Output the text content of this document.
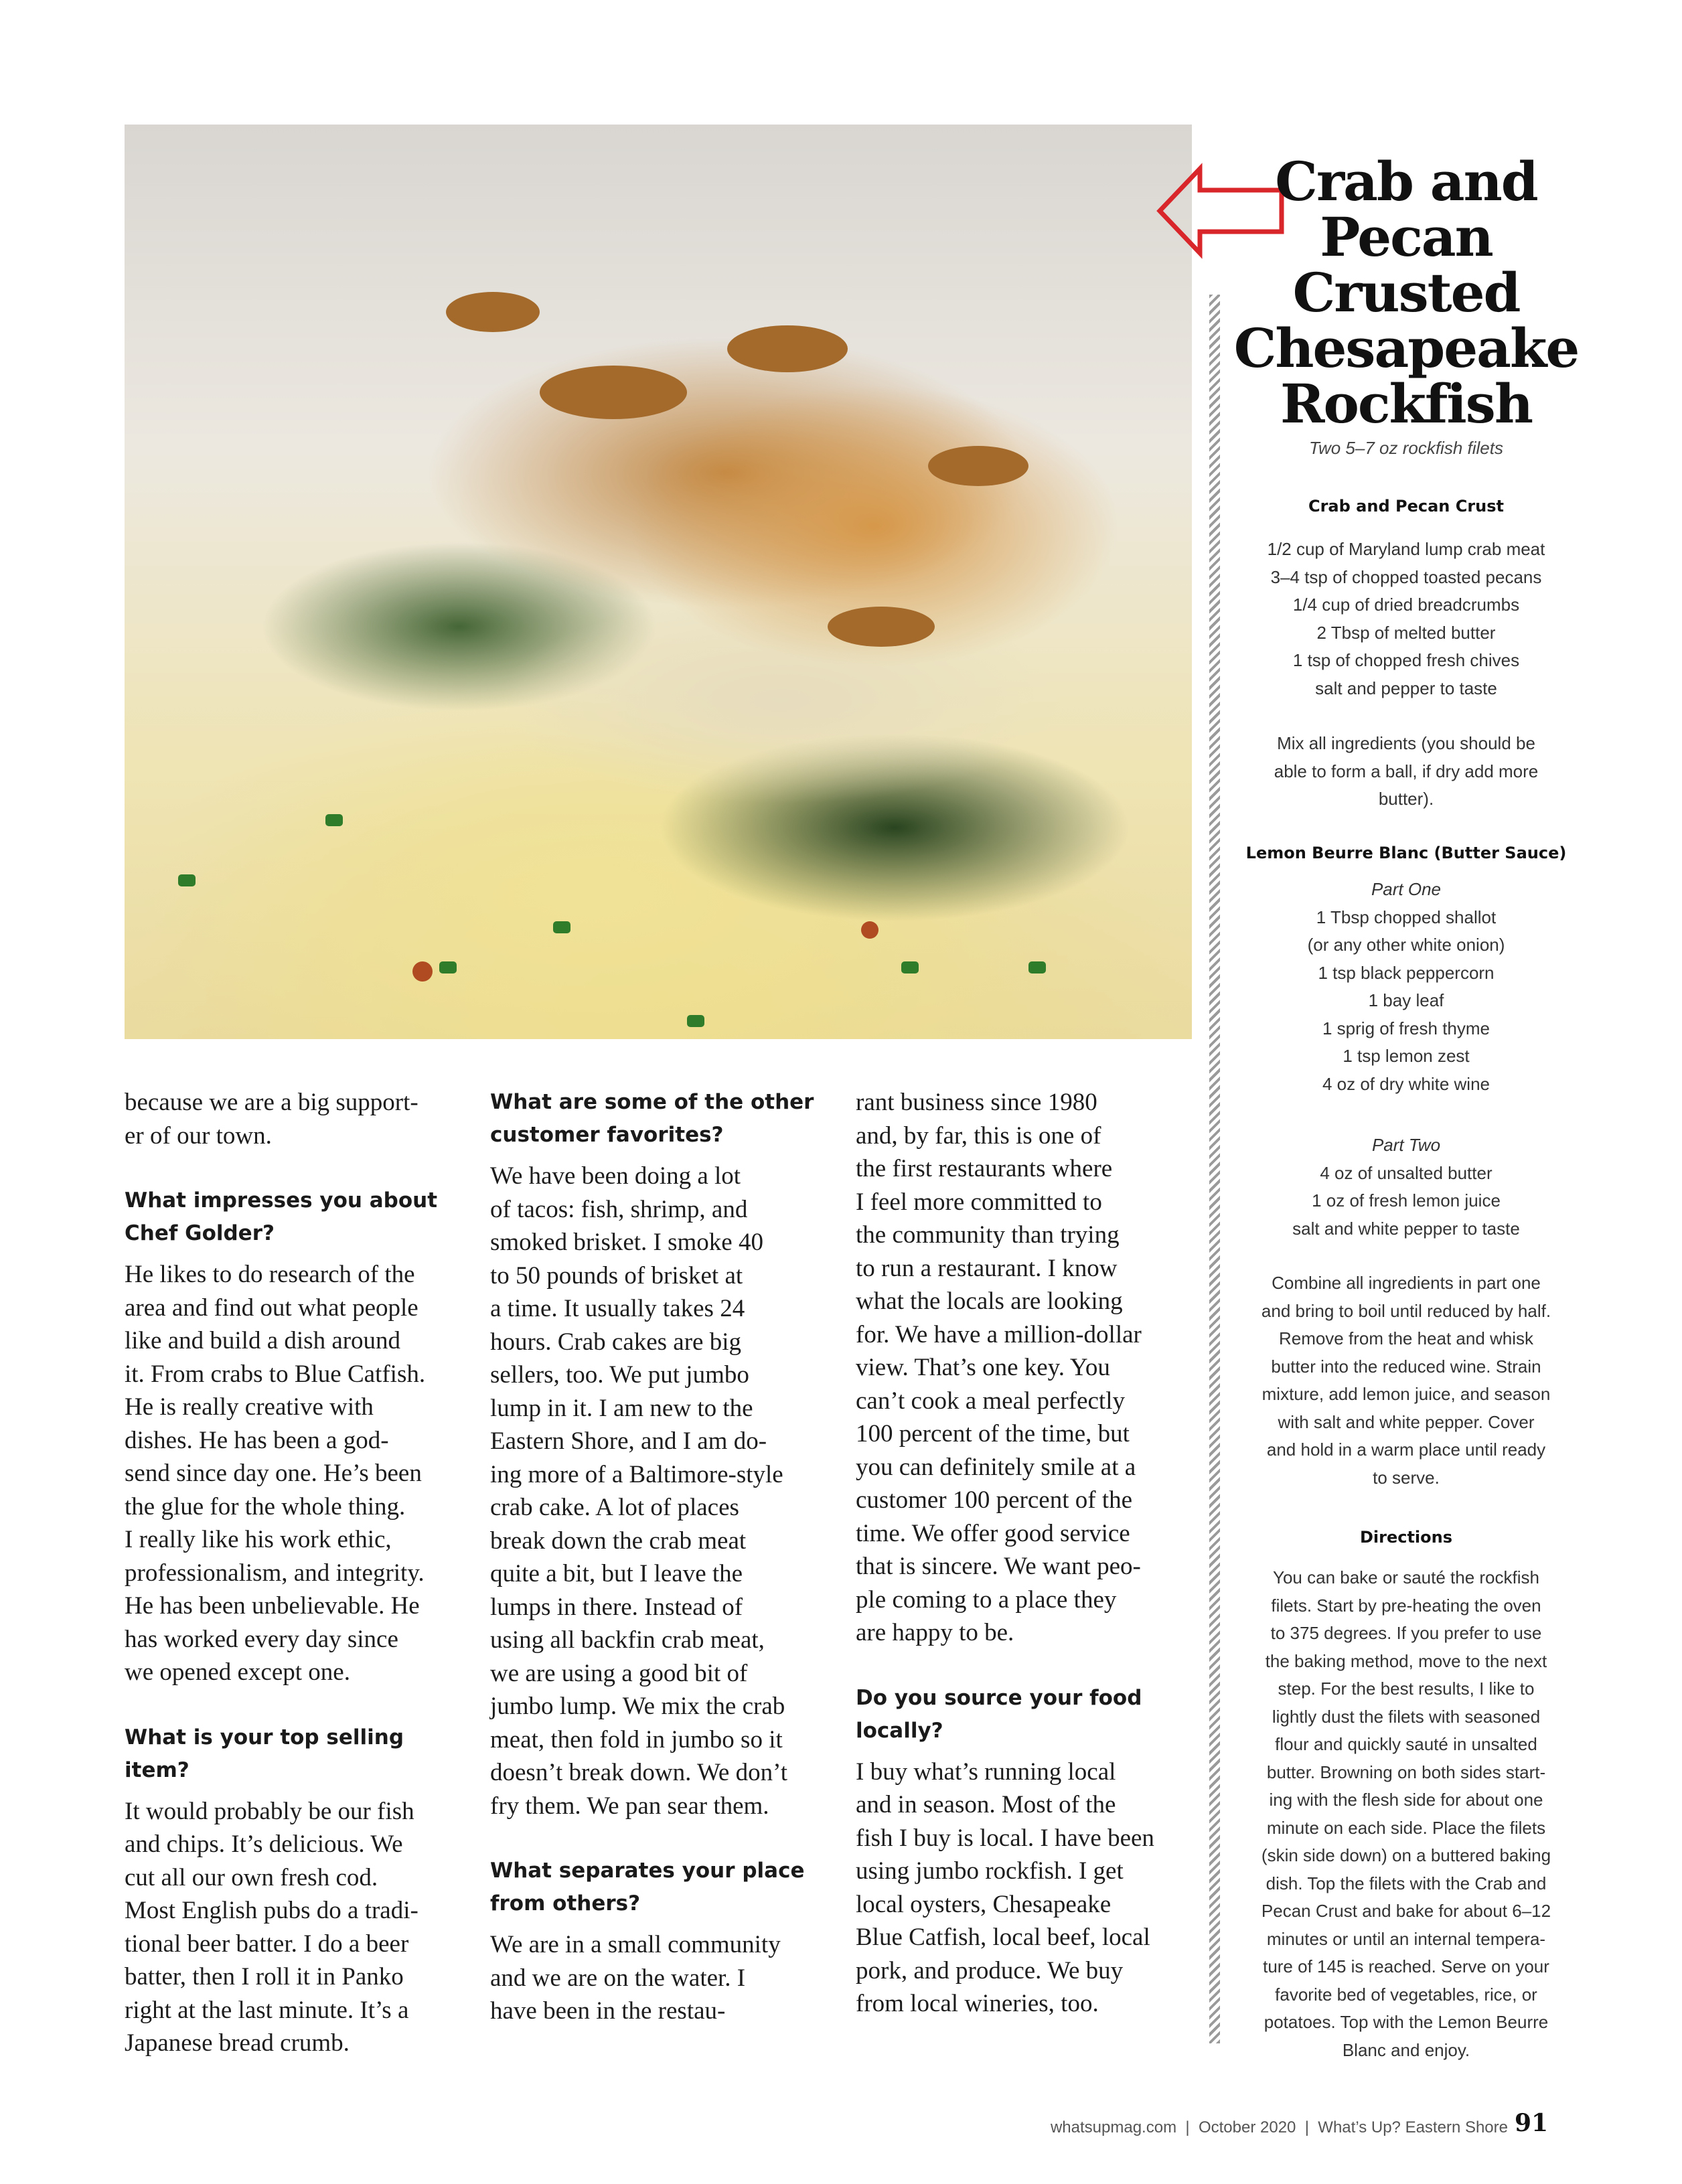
Crab and
Pecan
Crusted
Chesapeake
Rockfish
Two 5–7 oz rockfish filets
Crab and Pecan Crust
1/2 cup of Maryland lump crab meat
3–4 tsp of chopped toasted pecans
1/4 cup of dried breadcrumbs
2 Tbsp of melted butter
1 tsp of chopped fresh chives
salt and pepper to taste
Mix all ingredients (you should be
able to form a ball, if dry add more
butter).
Lemon Beurre Blanc (Butter Sauce)
Part One
1 Tbsp chopped shallot
(or any other white onion)
1 tsp black peppercorn
1 bay leaf
1 sprig of fresh thyme
1 tsp lemon zest
4 oz of dry white wine
Part Two
4 oz of unsalted butter
1 oz of fresh lemon juice
salt and white pepper to taste
Combine all ingredients in part one
and bring to boil until reduced by half.
Remove from the heat and whisk
butter into the reduced wine. Strain
mixture, add lemon juice, and season
with salt and white pepper. Cover
and hold in a warm place until ready
to serve.
Directions
You can bake or sauté the rockfish
filets. Start by pre-heating the oven
to 375 degrees. If you prefer to use
the baking method, move to the next
step. For the best results, I like to
lightly dust the filets with seasoned
flour and quickly sauté in unsalted
butter. Browning on both sides start-
ing with the flesh side for about one
minute on each side. Place the filets
(skin side down) on a buttered baking
dish. Top the filets with the Crab and
Pecan Crust and bake for about 6–12
minutes or until an internal tempera-
ture of 145 is reached. Serve on your
favorite bed of vegetables, rice, or
potatoes. Top with the Lemon Beurre
Blanc and enjoy.
because we are a big support-
er of our town.
What impresses you about
Chef Golder?
He likes to do research of the
area and find out what people
like and build a dish around
it. From crabs to Blue Catfish.
He is really creative with
dishes. He has been a god-
send since day one. He’s been
the glue for the whole thing.
I really like his work ethic,
professionalism, and integrity.
He has been unbelievable. He
has worked every day since
we opened except one.
What is your top selling item?
It would probably be our fish
and chips. It’s delicious. We
cut all our own fresh cod.
Most English pubs do a tradi-
tional beer batter. I do a beer
batter, then I roll it in Panko
right at the last minute. It’s a
Japanese bread crumb.
What are some of the other
customer favorites?
We have been doing a lot
of tacos: fish, shrimp, and
smoked brisket. I smoke 40
to 50 pounds of brisket at
a time. It usually takes 24
hours. Crab cakes are big
sellers, too. We put jumbo
lump in it. I am new to the
Eastern Shore, and I am do-
ing more of a Baltimore-style
crab cake. A lot of places
break down the crab meat
quite a bit, but I leave the
lumps in there. Instead of
using all backfin crab meat,
we are using a good bit of
jumbo lump. We mix the crab
meat, then fold in jumbo so it
doesn’t break down. We don’t
fry them. We pan sear them.
What separates your place
from others?
We are in a small community
and we are on the water. I
have been in the restau-
rant business since 1980
and, by far, this is one of
the first restaurants where
I feel more committed to
the community than trying
to run a restaurant. I know
what the locals are looking
for. We have a million-dollar
view. That’s one key. You
can’t cook a meal perfectly
100 percent of the time, but
you can definitely smile at a
customer 100 percent of the
time. We offer good service
that is sincere. We want peo-
ple coming to a place they
are happy to be.
Do you source your food
locally?
I buy what’s running local
and in season. Most of the
fish I buy is local. I have been
using jumbo rockfish. I get
local oysters, Chesapeake
Blue Catfish, local beef, local
pork, and produce. We buy
from local wineries, too.
whatsupmag.com  |  October 2020  |  What’s Up? Eastern Shore 91
